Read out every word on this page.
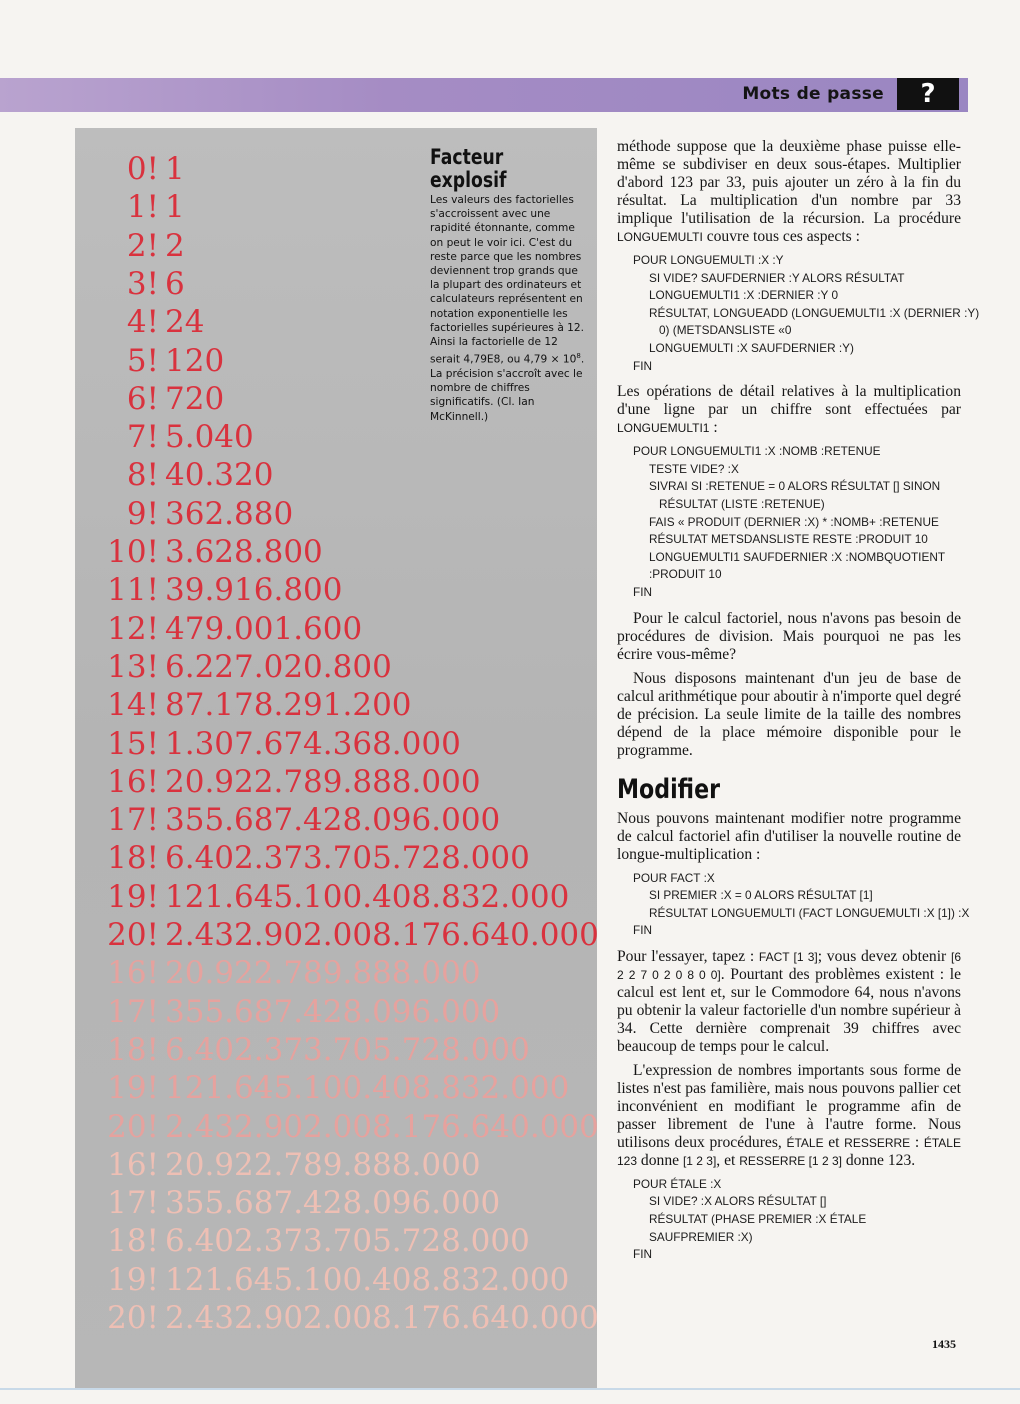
Mots de passe ?
0! 1
1! 1
2! 2
3! 6
4! 24
5! 120
6! 720
7! 5.040
8! 40.320
9! 362.880
10! 3.628.800
11! 39.916.800
12! 479.001.600
13! 6.227.020.800
14! 87.178.291.200
15! 1.307.674.368.000
16! 20.922.789.888.000
17! 355.687.428.096.000
18! 6.402.373.705.728.000
19! 121.645.100.408.832.000
20! 2.432.902.008.176.640.000
16! 20.922.789.888.000
17! 355.687.428.096.000
18! 6.402.373.705.728.000
19! 121.645.100.408.832.000
20! 2.432.902.008.176.640.000
16! 20.922.789.888.000
17! 355.687.428.096.000
18! 6.402.373.705.728.000
19! 121.645.100.408.832.000
20! 2.432.902.008.176.640.000
Facteur explosif
Les valeurs des factorielles s'accroissent avec une rapidité étonnante, comme on peut le voir ici. C'est du reste parce que les nombres deviennent trop grands que la plupart des ordinateurs et calculateurs représentent en notation exponentielle les factorielles supérieures à 12. Ainsi la factorielle de 12 serait 4,79E8, ou $4,79 \times 10^8$. La précision s'accroît avec le nombre de chiffres significatifs. (Cl. Ian McKinnell.)

méthode suppose que la deuxième phase puisse elle-même se subdiviser en deux sous-étapes. Multiplier d'abord 123 par 33, puis ajouter un zéro à la fin du résultat. La multiplication d'un nombre par 33 implique l'utilisation de la récursion. La procédure LONGUEMULTI couvre tous ces aspects :

POUR LONGUEMULTI :X :Y
SI VIDE? SAUFDERNIER :Y ALORS RÉSULTAT
LONGUEMULTI1 :X :DERNIER :Y 0
RÉSULTAT, LONGUEADD (LONGUEMULTI1 :X (DERNIER :Y)
0) (METSDANSLISTE «0
LONGUEMULTI :X SAUFDERNIER :Y)
FIN

Les opérations de détail relatives à la multiplication d'une ligne par un chiffre sont effectuées par LONGUEMULTI1 :

POUR LONGUEMULTI1 :X :NOMB :RETENUE
TESTE VIDE? :X
SIVRAI SI :RETENUE = 0 ALORS RÉSULTAT [] SINON
RÉSULTAT (LISTE :RETENUE)
FAIS « PRODUIT (DERNIER :X) * :NOMB+ :RETENUE
RÉSULTAT METSDANSLISTE RESTE :PRODUIT 10
LONGUEMULTI1 SAUFDERNIER :X :NOMBQUOTIENT
:PRODUIT 10
FIN

Pour le calcul factoriel, nous n'avons pas besoin de procédures de division. Mais pourquoi ne pas les écrire vous-même?

Nous disposons maintenant d'un jeu de base de calcul arithmétique pour aboutir à n'importe quel degré de précision. La seule limite de la taille des nombres dépend de la place mémoire disponible pour le programme.

Modifier

Nous pouvons maintenant modifier notre programme de calcul factoriel afin d'utiliser la nouvelle routine de longue-multiplication :

POUR FACT :X
SI PREMIER :X = 0 ALORS RÉSULTAT [1]
RÉSULTAT LONGUEMULTI (FACT LONGUEMULTI :X [1]) :X
FIN

Pour l'essayer, tapez : FACT [1 3]; vous devez obtenir [6 2 2 7 0 2 0 8 0 0]. Pourtant des problèmes existent : le calcul est lent et, sur le Commodore 64, nous n'avons pu obtenir la valeur factorielle d'un nombre supérieur à 34. Cette dernière comprenait 39 chiffres avec beaucoup de temps pour le calcul.

L'expression de nombres importants sous forme de listes n'est pas familière, mais nous pouvons pallier cet inconvénient en modifiant le programme afin de passer librement de l'une à l'autre forme. Nous utilisons deux procédures, ÉTALE et RESSERRE : ÉTALE 123 donne [1 2 3], et RESSERRE [1 2 3] donne 123.

POUR ÉTALE :X
SI VIDE? :X ALORS RÉSULTAT []
RÉSULTAT (PHASE PREMIER :X ÉTALE
SAUFPREMIER :X)
FIN
1435
